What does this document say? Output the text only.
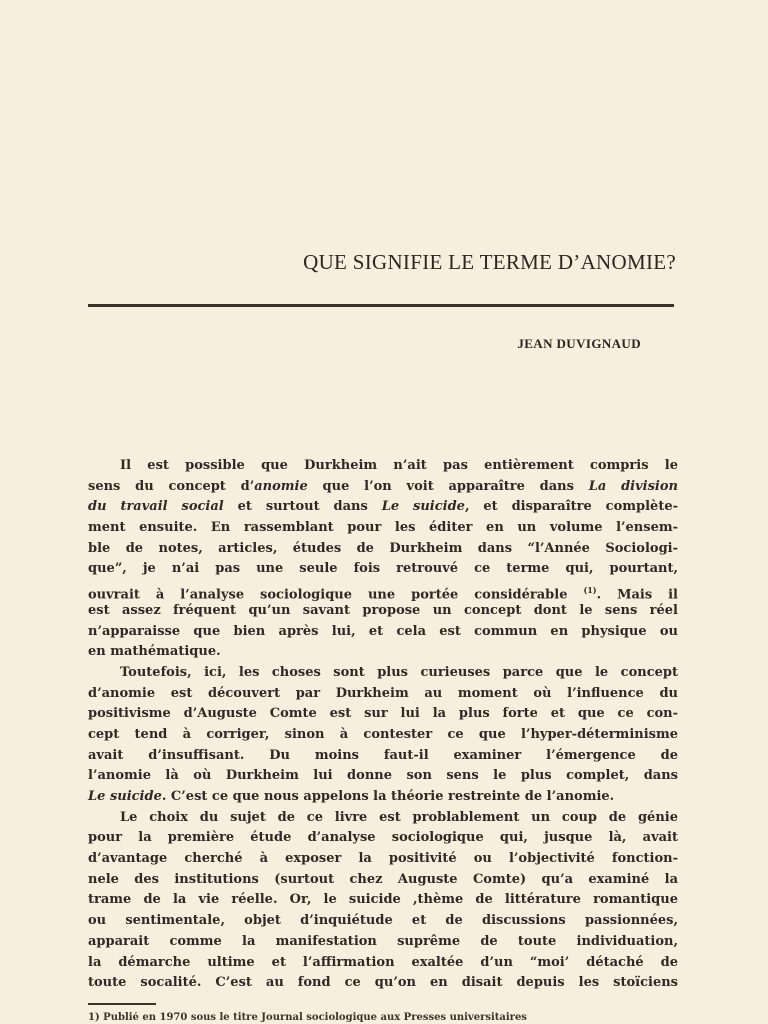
QUE SIGNIFIE LE TERME D’ANOMIE?
JEAN DUVIGNAUD
Il est possible que Durkheim n’ait pas entièrement compris le
sens du concept d’anomie que l’on voit apparaître dans La division
du travail social et surtout dans Le suicide, et disparaître complète-
ment ensuite. En rassemblant pour les éditer en un volume l’ensem-
ble de notes, articles, études de Durkheim dans “l’Année Sociologi-
que”, je n’ai pas une seule fois retrouvé ce terme qui, pourtant,
ouvrait à l’analyse sociologique une portée considérable $^{(1)}$. Mais il
est assez fréquent qu’un savant propose un concept dont le sens réel
n’apparaisse que bien après lui, et cela est commun en physique ou
en mathématique.
Toutefois, ici, les choses sont plus curieuses parce que le concept
d’anomie est découvert par Durkheim au moment où l’influence du
positivisme d’Auguste Comte est sur lui la plus forte et que ce con-
cept tend à corriger, sinon à contester ce que l’hyper-déterminisme
avait d’insuffisant. Du moins faut-il examiner l’émergence de
l’anomie là où Durkheim lui donne son sens le plus complet, dans
Le suicide. C’est ce que nous appelons la théorie restreinte de l’anomie.
Le choix du sujet de ce livre est problablement un coup de génie
pour la première étude d’analyse sociologique qui, jusque là, avait
d’avantage cherché à exposer la positivité ou l’objectivité fonction-
nele des institutions (surtout chez Auguste Comte) qu’a examiné la
trame de la vie réelle. Or, le suicide ,thème de littérature romantique
ou sentimentale, objet d’inquiétude et de discussions passionnées,
apparait comme la manifestation suprême de toute individuation,
la démarche ultime et l’affirmation exaltée d’un “moi’ détaché de
toute socalité. C’est au fond ce qu’on en disait depuis les stoïciens
1) Publié en 1970 sous le titre Journal sociologique aux Presses universitaires
